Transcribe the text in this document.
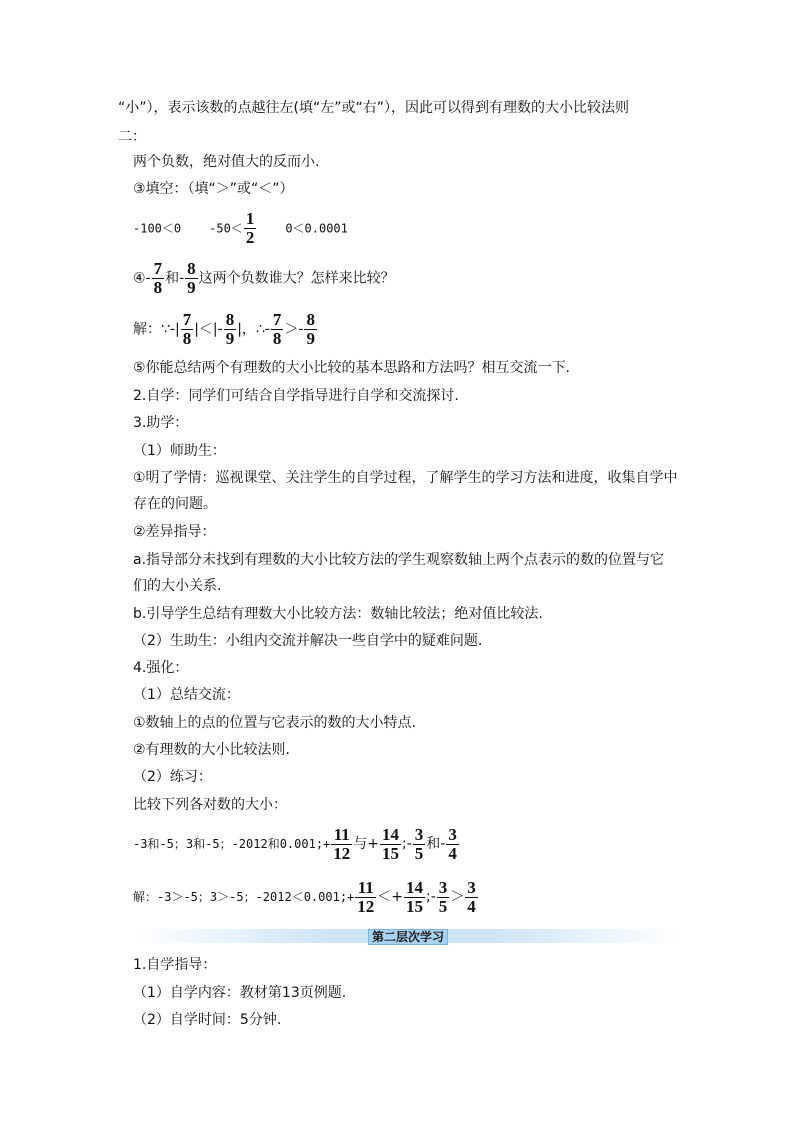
“小”），表示该数的点越往左(填“左”或“右”），因此可以得到有理数的大小比较法则
二：
两个负数，绝对值大的反而小.
③填空：（填“＞”或“＜”）
-100＜0 $-50< \frac{1}{2} 0<0.0001$
④- $\frac{7}{8}$ 和- $\frac{8}{9}$ 这两个负数谁大？怎样来比较？
解：∵-| $\frac{7}{8}$ |＜|- $\frac{8}{9}$ |，∴- $\frac{7}{8} >- \frac{8}{9}$
⑤你能总结两个有理数的大小比较的基本思路和方法吗？相互交流一下.
2.自学：同学们可结合自学指导进行自学和交流探讨.
3.助学：
（1）师助生：
①明了学情：巡视课堂、关注学生的自学过程，了解学生的学习方法和进度，收集自学中
存在的问题。
②差异指导：
a.指导部分未找到有理数的大小比较方法的学生观察数轴上两个点表示的数的位置与它
们的大小关系.
b.引导学生总结有理数大小比较方法：数轴比较法；绝对值比较法.
（2）生助生：小组内交流并解决一些自学中的疑难问题.
4.强化：
（1）总结交流：
①数轴上的点的位置与它表示的数的大小特点.
②有理数的大小比较法则.
（2）练习：
比较下列各对数的大小：
-3和-5；3和-5；-2012和0.001;+ $\frac{11}{12}$ 与+ $\frac{14}{15}$ ;- $\frac{3}{5}$ 和- $\frac{3}{4}$
解：-3＞-5；3＞-5；-2012＜0.001;+ $\frac{11}{12} <+ \frac{14}{15}$ ;- $\frac{3}{5} > \frac{3}{4}$
第二层次学习
1.自学指导：
（1）自学内容：教材第13页例题.
（2）自学时间：5分钟.
